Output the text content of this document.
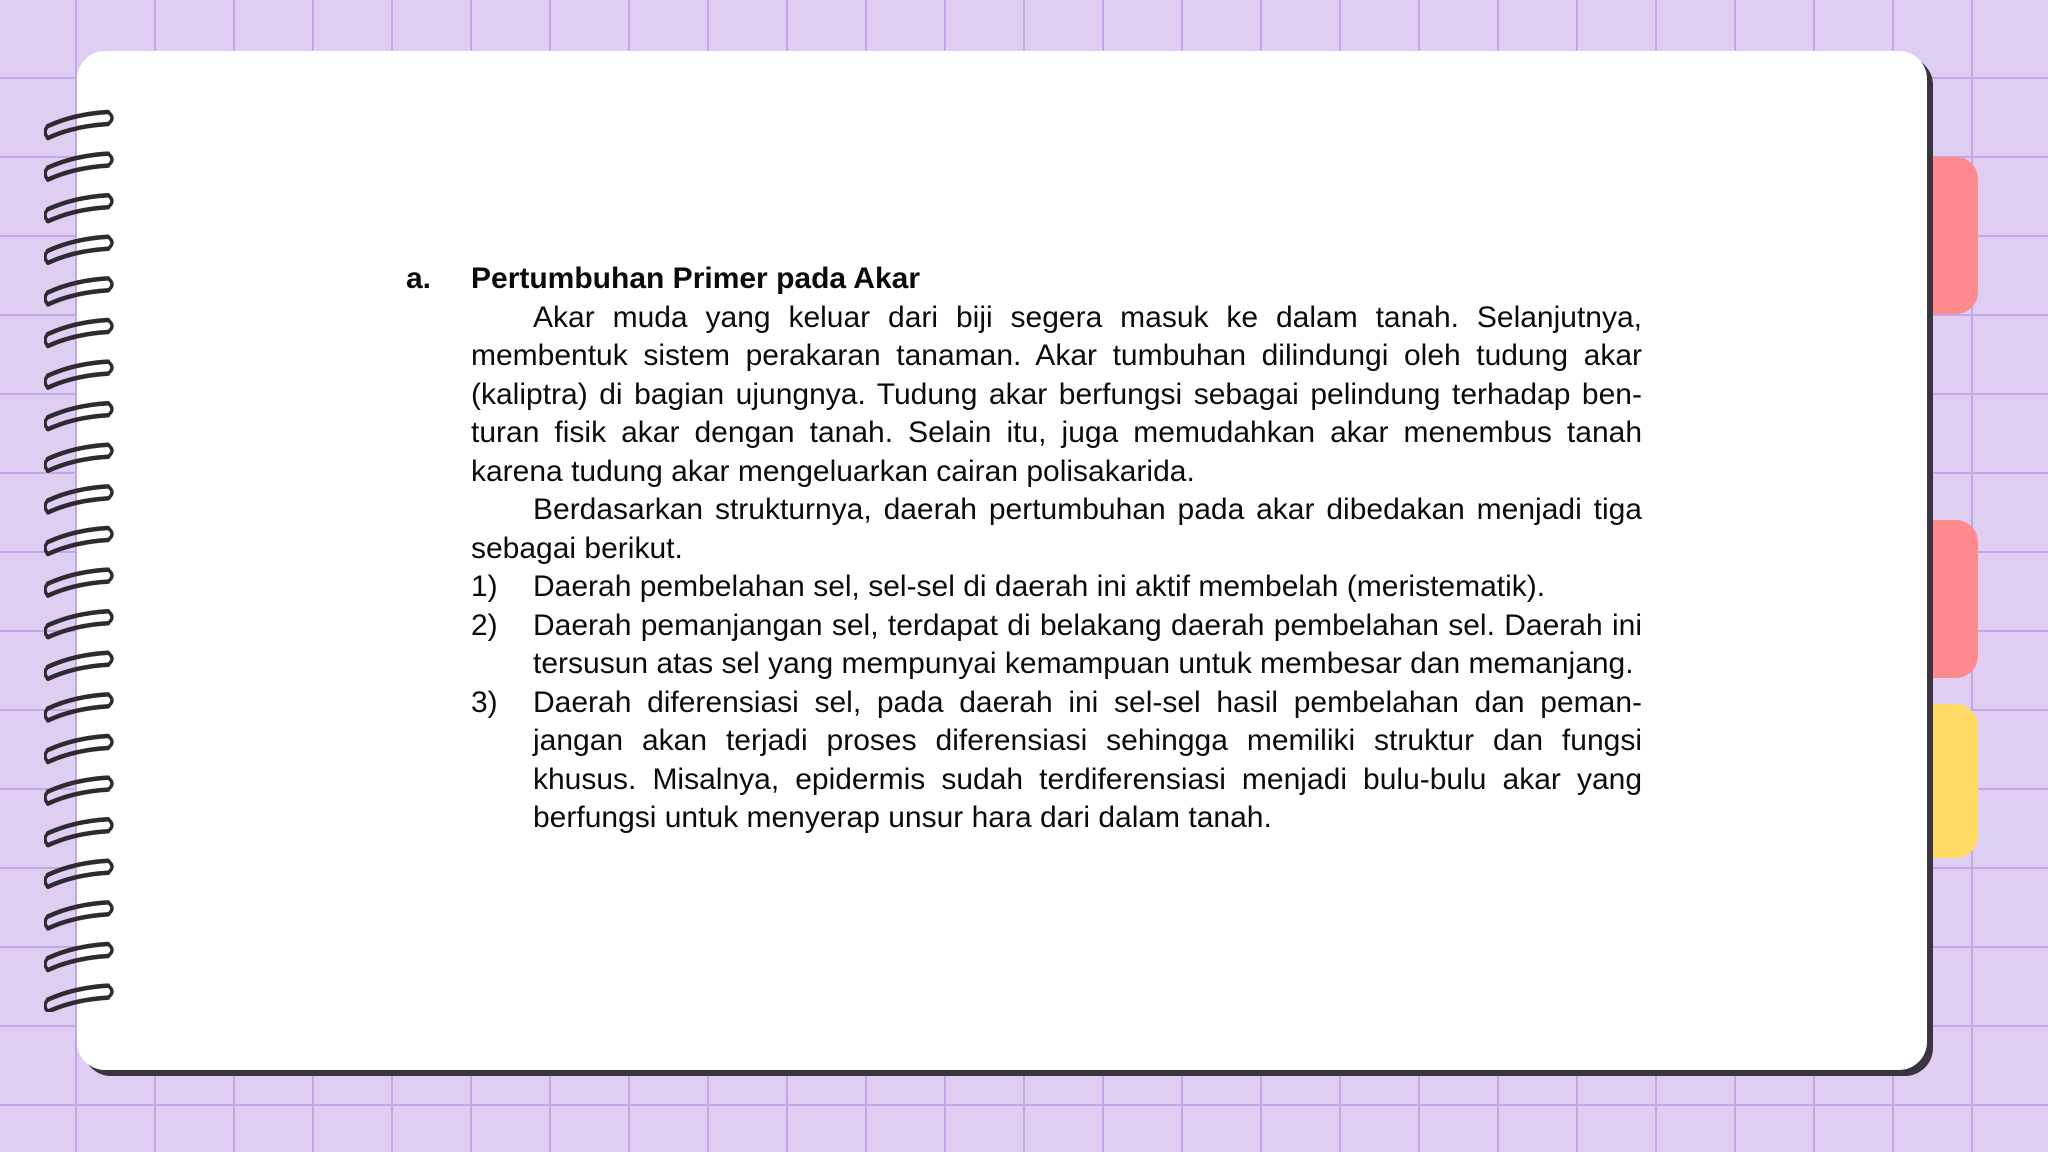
a.	Pertumbuhan Primer pada Akar

Akar muda yang keluar dari biji segera masuk ke dalam tanah. Selanjutnya, membentuk sistem perakaran tanaman. Akar tumbuhan dilindungi oleh tudung akar (kaliptra) di bagian ujungnya. Tudung akar berfungsi sebagai pelindung terhadap benturan fisik akar dengan tanah. Selain itu, juga memudahkan akar menembus tanah karena tudung akar mengeluarkan cairan polisakarida.

Berdasarkan strukturnya, daerah pertumbuhan pada akar dibedakan menjadi tiga sebagai berikut.

1)	Daerah pembelahan sel, sel-sel di daerah ini aktif membelah (meristematik).
2)	Daerah pemanjangan sel, terdapat di belakang daerah pembelahan sel. Daerah ini tersusun atas sel yang mempunyai kemampuan untuk membesar dan memanjang.
3)	Daerah diferensiasi sel, pada daerah ini sel-sel hasil pembelahan dan pemanjangan akan terjadi proses diferensiasi sehingga memiliki struktur dan fungsi khusus. Misalnya, epidermis sudah terdiferensiasi menjadi bulu-bulu akar yang berfungsi untuk menyerap unsur hara dari dalam tanah.
